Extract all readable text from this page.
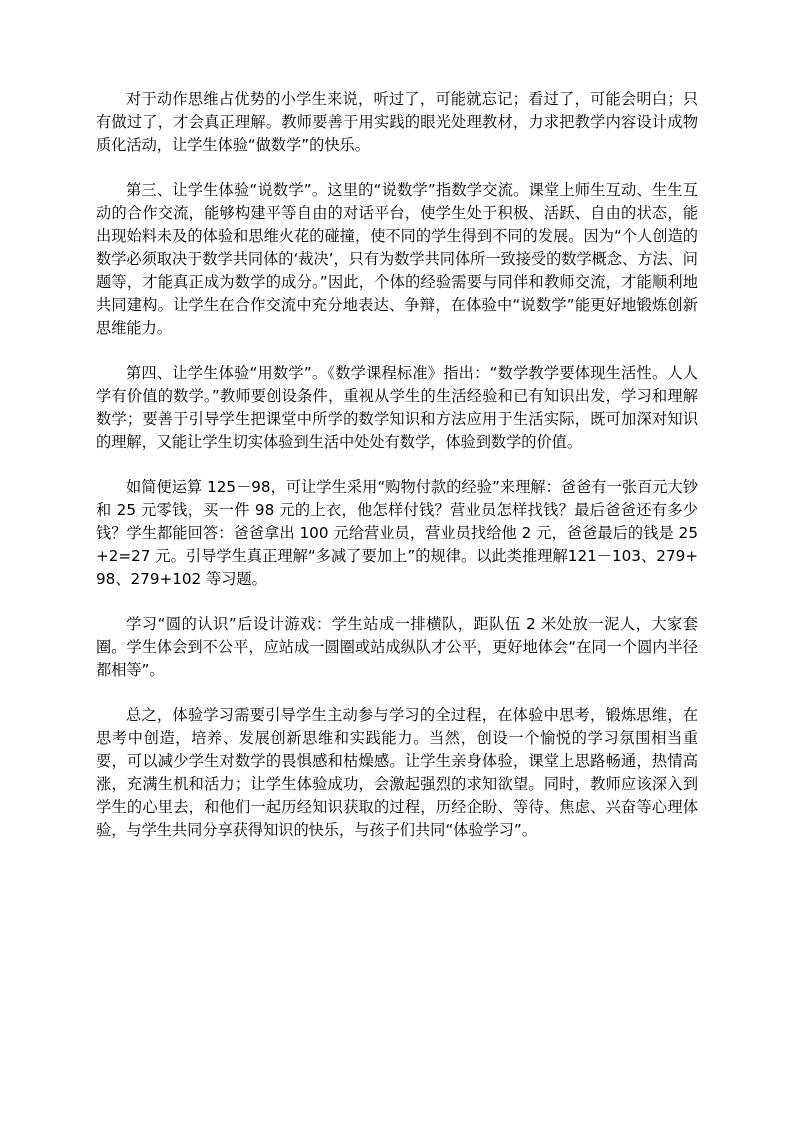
对于动作思维占优势的小学生来说，听过了，可能就忘记；看过了，可能会明白；只有做过了，才会真正理解。教师要善于用实践的眼光处理教材，力求把教学内容设计成物质化活动，让学生体验“做数学”的快乐。

第三、让学生体验“说数学”。这里的“说数学”指数学交流。课堂上师生互动、生生互动的合作交流，能够构建平等自由的对话平台，使学生处于积极、活跃、自由的状态，能出现始料未及的体验和思维火花的碰撞，使不同的学生得到不同的发展。因为“个人创造的数学必须取决于数学共同体的‘裁决’，只有为数学共同体所一致接受的数学概念、方法、问题等，才能真正成为数学的成分。”因此，个体的经验需要与同伴和教师交流，才能顺利地共同建构。让学生在合作交流中充分地表达、争辩，在体验中“说数学”能更好地锻炼创新思维能力。

第四、让学生体验“用数学”。《数学课程标准》指出：“数学教学要体现生活性。人人学有价值的数学。”教师要创设条件，重视从学生的生活经验和已有知识出发，学习和理解数学；要善于引导学生把课堂中所学的数学知识和方法应用于生活实际，既可加深对知识的理解，又能让学生切实体验到生活中处处有数学，体验到数学的价值。

如简便运算 125－98，可让学生采用“购物付款的经验”来理解：爸爸有一张百元大钞和 25 元零钱，买一件 98 元的上衣，他怎样付钱？营业员怎样找钱？最后爸爸还有多少钱？学生都能回答：爸爸拿出 100 元给营业员，营业员找给他 2 元，爸爸最后的钱是 25+2=27 元。引导学生真正理解“多减了要加上”的规律。以此类推理解121－103、279+98、279+102 等习题。

学习“圆的认识”后设计游戏：学生站成一排横队，距队伍 2 米处放一泥人，大家套圈。学生体会到不公平，应站成一圆圈或站成纵队才公平，更好地体会“在同一个圆内半径都相等”。

总之，体验学习需要引导学生主动参与学习的全过程，在体验中思考，锻炼思维，在思考中创造，培养、发展创新思维和实践能力。当然，创设一个愉悦的学习氛围相当重要，可以减少学生对数学的畏惧感和枯燥感。让学生亲身体验，课堂上思路畅通，热情高涨，充满生机和活力；让学生体验成功，会激起强烈的求知欲望。同时，教师应该深入到学生的心里去，和他们一起历经知识获取的过程，历经企盼、等待、焦虑、兴奋等心理体验，与学生共同分享获得知识的快乐，与孩子们共同“体验学习”。
